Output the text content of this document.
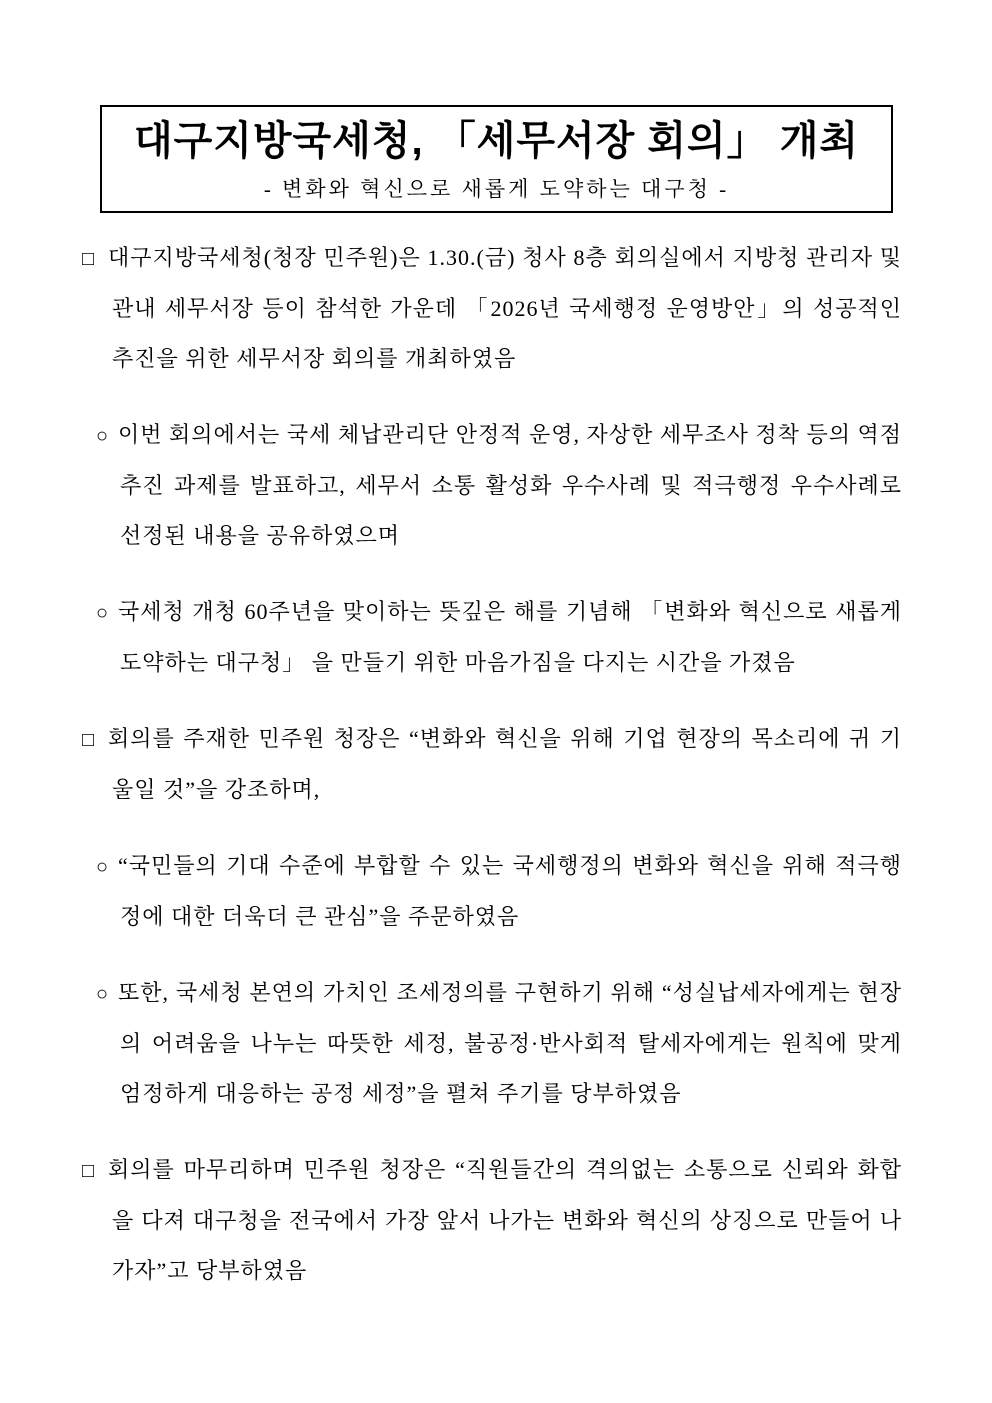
대구지방국세청, 「세무서장 회의」 개최
- 변화와 혁신으로 새롭게 도약하는 대구청 -
□ 대구지방국세청(청장 민주원)은 1.30.(금) 청사 8층 회의실에서 지방청 관리자 및 관내 세무서장 등이 참석한 가운데 「2026년 국세행정 운영방안」의 성공적인 추진을 위한 세무서장 회의를 개최하였음
○ 이번 회의에서는 국세 체납관리단 안정적 운영, 자상한 세무조사 정착 등의 역점추진 과제를 발표하고, 세무서 소통 활성화 우수사례 및 적극행정 우수사례로 선정된 내용을 공유하였으며
○ 국세청 개청 60주년을 맞이하는 뜻깊은 해를 기념해 「변화와 혁신으로 새롭게 도약하는 대구청」 을 만들기 위한 마음가짐을 다지는 시간을 가졌음
□ 회의를 주재한 민주원 청장은 “변화와 혁신을 위해 기업 현장의 목소리에 귀 기울일 것”을 강조하며,
○ “국민들의 기대 수준에 부합할 수 있는 국세행정의 변화와 혁신을 위해 적극행정에 대한 더욱더 큰 관심”을 주문하였음
○ 또한, 국세청 본연의 가치인 조세정의를 구현하기 위해 “성실납세자에게는 현장의 어려움을 나누는 따뜻한 세정, 불공정·반사회적 탈세자에게는 원칙에 맞게 엄정하게 대응하는 공정 세정”을 펼쳐 주기를 당부하였음
□ 회의를 마무리하며 민주원 청장은 “직원들간의 격의없는 소통으로 신뢰와 화합을 다져 대구청을 전국에서 가장 앞서 나가는 변화와 혁신의 상징으로 만들어 나가자”고 당부하였음
